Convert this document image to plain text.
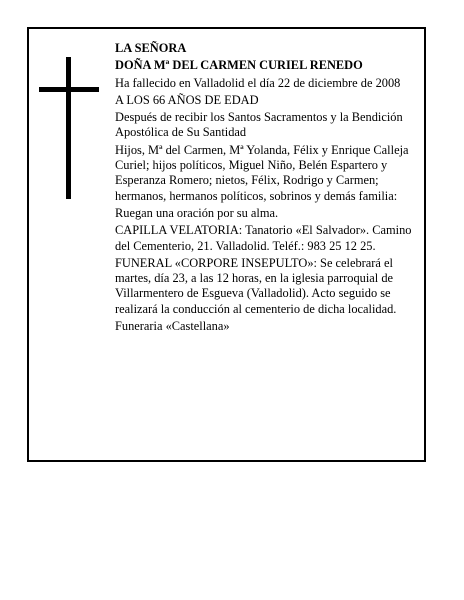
LA SEÑORA

DOÑA Mª DEL CARMEN CURIEL RENEDO

Ha fallecido en Valladolid el día 22 de diciembre de 2008

A LOS 66 AÑOS DE EDAD

Después de recibir los Santos Sacramentos y la Bendición Apostólica de Su Santidad

Hijos, Mª del Carmen, Mª Yolanda, Félix y Enrique Calleja Curiel; hijos políticos, Miguel Niño, Belén Espartero y Esperanza Romero; nietos, Félix, Rodrigo y Carmen; hermanos, hermanos políticos, sobrinos y demás familia:

Ruegan una oración por su alma.

CAPILLA VELATORIA: Tanatorio «El Salvador». Camino del Cementerio, 21. Valladolid. Teléf.: 983 25 12 25.

FUNERAL «CORPORE INSEPULTO»: Se celebrará el martes, día 23, a las 12 horas, en la iglesia parroquial de Villarmentero de Esgueva (Valladolid). Acto seguido se realizará la conducción al cementerio de dicha localidad.

Funeraria «Castellana»
